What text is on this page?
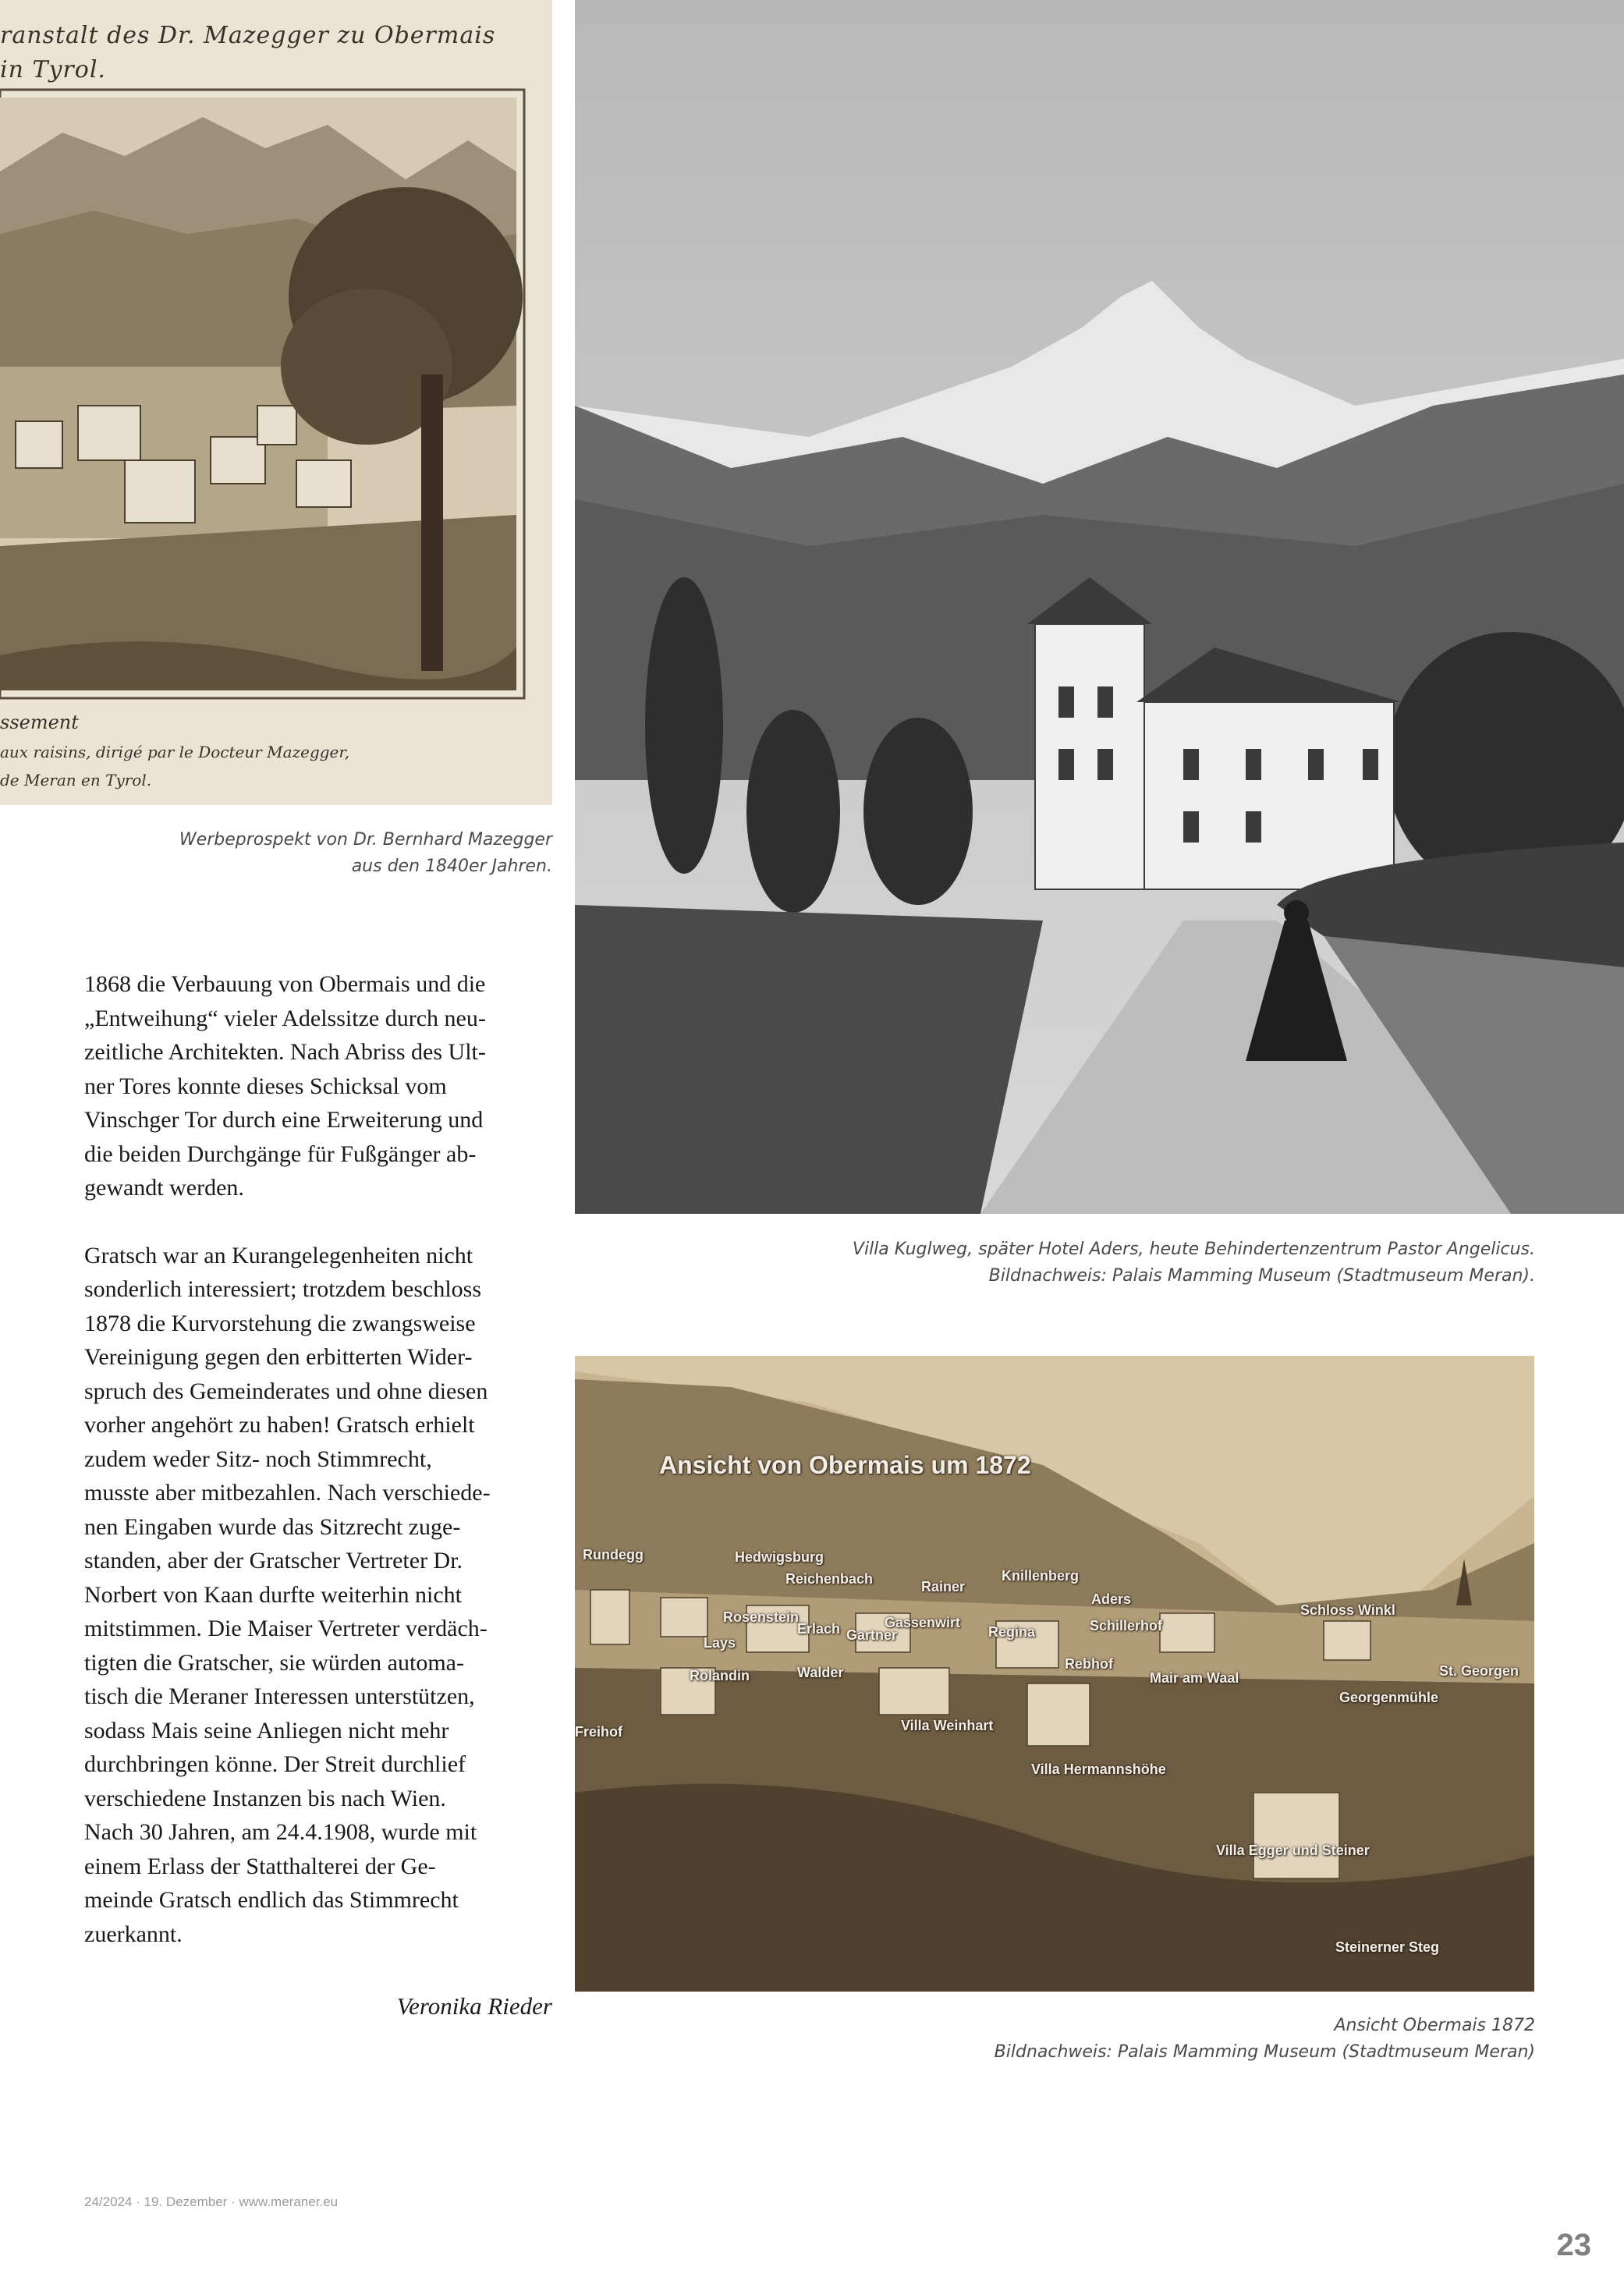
ranstalt des Dr. Mazegger zu Obermais
in Tyrol.
ssement
aux raisins, dirigé par le Docteur Mazegger,
de Meran en Tyrol.
Werbeprospekt von Dr. Bernhard Mazegger
aus den 1840er Jahren.
Villa Kuglweg, später Hotel Aders, heute Behindertenzentrum Pastor Angelicus.
Bildnachweis: Palais Mamming Museum (Stadtmuseum Meran).
Ansicht von Obermais um 1872
Rundegg	Hedwigsburg
Reichenbach	Rainer
Knillenberg
Aders
Schloss Winkl
Rosenstein
Erlach	Gassenwirt
Gartner	Regina	Schillerhof
Lays
Rolandin	Walder
Rebhof
Mair am Waal	St. Georgen
Georgenmühle
Freihof	Villa Weinhart
Villa Hermannshöhe
Villa Egger und Steiner
Steinerner Steg
Ansicht Obermais 1872
Bildnachweis: Palais Mamming Museum (Stadtmuseum Meran)

1868 die Verbauung von Obermais und die
„Entweihung“ vieler Adelssitze durch neu-
zeitliche Architekten. Nach Abriss des Ult-
ner Tores konnte dieses Schicksal vom
Vinschger Tor durch eine Erweiterung und
die beiden Durchgänge für Fußgänger ab-
gewandt werden.

Gratsch war an Kurangelegenheiten nicht
sonderlich interessiert; trotzdem beschloss
1878 die Kurvorstehung die zwangsweise
Vereinigung gegen den erbitterten Wider-
spruch des Gemeinderates und ohne diesen
vorher angehört zu haben! Gratsch erhielt
zudem weder Sitz- noch Stimmrecht,
musste aber mitbezahlen. Nach verschiede-
nen Eingaben wurde das Sitzrecht zuge-
standen, aber der Gratscher Vertreter Dr.
Norbert von Kaan durfte weiterhin nicht
mitstimmen. Die Maiser Vertreter verdäch-
tigten die Gratscher, sie würden automa-
tisch die Meraner Interessen unterstützen,
sodass Mais seine Anliegen nicht mehr
durchbringen könne. Der Streit durchlief
verschiedene Instanzen bis nach Wien.
Nach 30 Jahren, am 24.4.1908, wurde mit
einem Erlass der Statthalterei der Ge-
meinde Gratsch endlich das Stimmrecht
zuerkannt.

Veronika Rieder
24/2024 · 19. Dezember · www.meraner.eu
23
